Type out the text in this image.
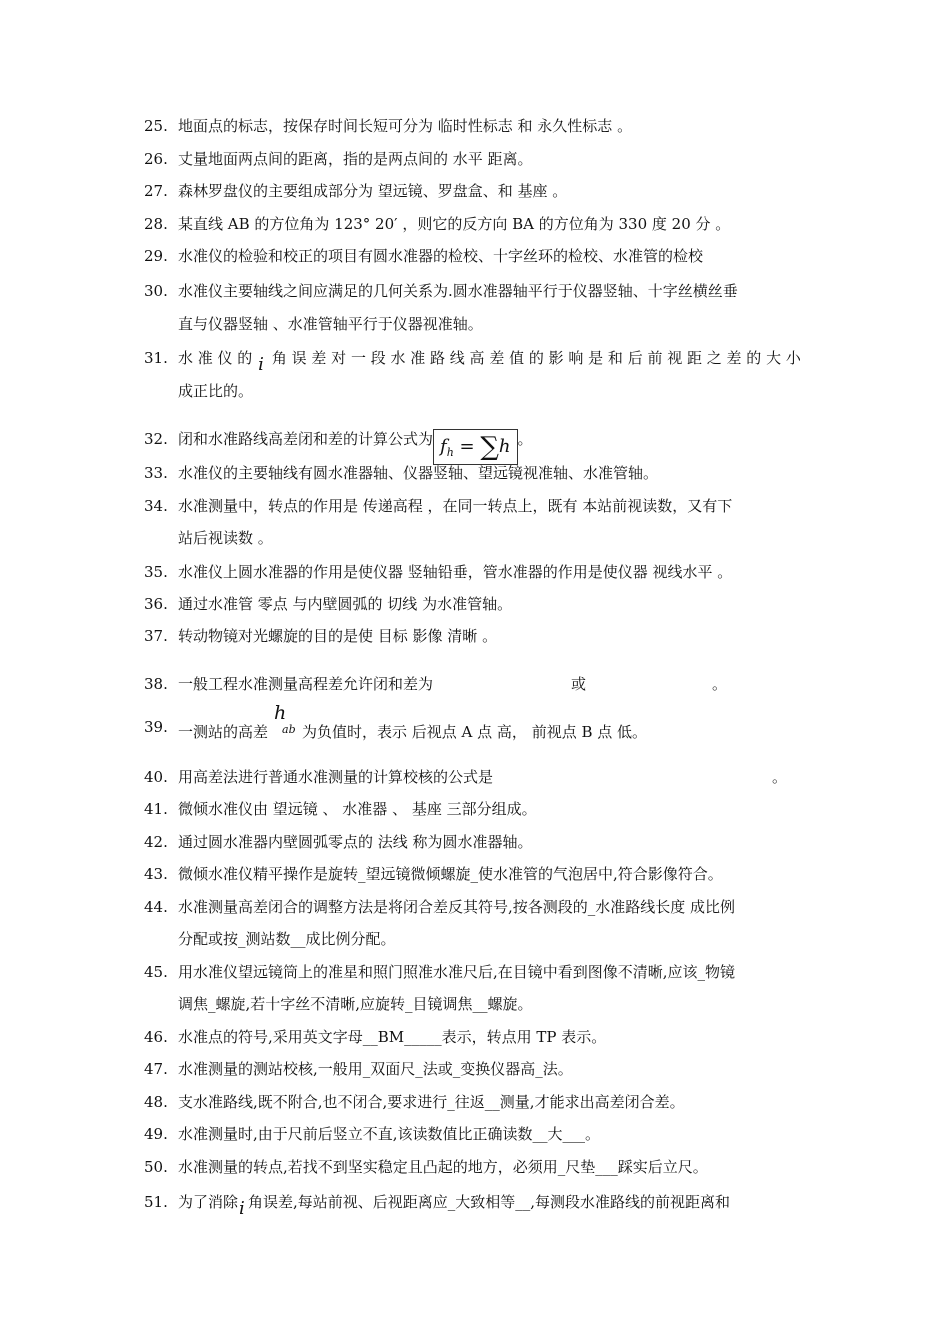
25. 地面点的标志，按保存时间长短可分为 临时性标志 和 永久性标志 。
26. 丈量地面两点间的距离，指的是两点间的 水平 距离。
27. 森林罗盘仪的主要组成部分为 望远镜、罗盘盒、和 基座 。
28. 某直线 AB 的方位角为 123° 20′ ，则它的反方向 BA 的方位角为 330 度 20 分 。
29. 水准仪的检验和校正的项目有圆水准器的检校、十字丝环的检校、水准管的检校
30. 水准仪主要轴线之间应满足的几何关系为.圆水准器轴平行于仪器竖轴、十字丝横丝垂
直与仪器竖轴 、水准管轴平行于仪器视准轴。
31. 水 准 仪 的 i 角 误 差 对 一 段 水 准 路 线 高 差 值 的 影 响 是 和 后 前 视 距 之 差 的 大 小
成正比的。
32. 闭和水准路线高差闭和差的计算公式为 $f_h = \sum h$ 。
33. 水准仪的主要轴线有圆水准器轴、仪器竖轴、望远镜视准轴、水准管轴。
34. 水准测量中，转点的作用是 传递高程 ，在同一转点上，既有 本站前视读数，又有下
站后视读数 。
35. 水准仪上圆水准器的作用是使仪器 竖轴铅垂，管水准器的作用是使仪器 视线水平 。
36. 通过水准管 零点 与内壁圆弧的 切线 为水准管轴。
37. 转动物镜对光螺旋的目的是使 目标 影像 清晰 。
38. 一般工程水准测量高程差允许闭和差为	或	。
39. 一测站的高差
h
ab 为负值时，表示 后视点 A 点 高， 前视点 B 点 低。
40. 用高差法进行普通水准测量的计算校核的公式是	。
41. 微倾水准仪由 望远镜 、 水准器 、 基座 三部分组成。
42. 通过圆水准器内壁圆弧零点的 法线 称为圆水准器轴。
43. 微倾水准仪精平操作是旋转_望远镜微倾螺旋_使水准管的气泡居中,符合影像符合。
44. 水准测量高差闭合的调整方法是将闭合差反其符号,按各测段的_水准路线长度 成比例
分配或按_测站数__成比例分配。
45. 用水准仪望远镜筒上的准星和照门照准水准尺后,在目镜中看到图像不清晰,应该_物镜
调焦_螺旋,若十字丝不清晰,应旋转_目镜调焦__螺旋。
46. 水准点的符号,采用英文字母__BM_____表示，转点用 TP 表示。
47. 水准测量的测站校核,一般用_双面尺_法或_变换仪器高_法。
48. 支水准路线,既不附合,也不闭合,要求进行_往返__测量,才能求出高差闭合差。
49. 水准测量时,由于尺前后竖立不直,该读数值比正确读数__大___。
50. 水准测量的转点,若找不到坚实稳定且凸起的地方，必须用_尺垫___踩实后立尺。
51. 为了消除 i 角误差,每站前视、后视距离应_大致相等__,每测段水准路线的前视距离和
